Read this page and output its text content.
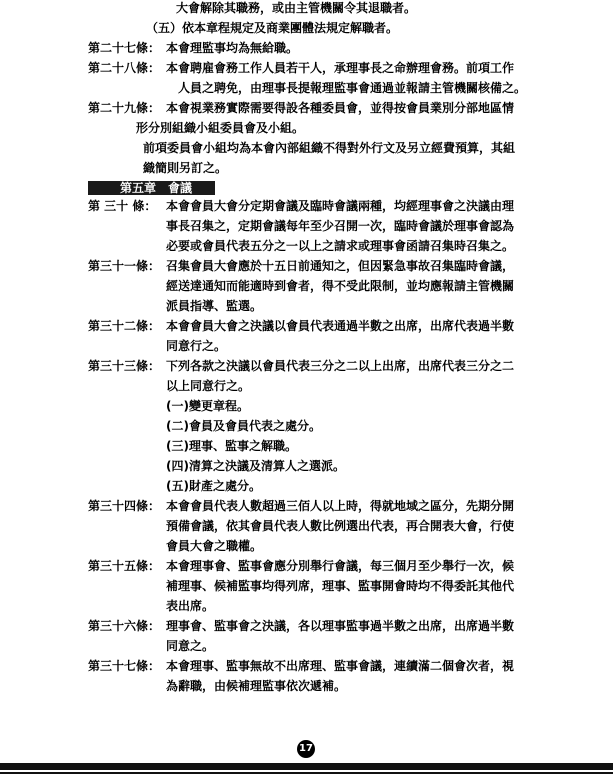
大會解除其職務，或由主管機關令其退職者。
（五）依本章程規定及商業團體法規定解職者。
第二十七條： 本會理監事均為無給職。
第二十八條： 本會聘雇會務工作人員若干人，承理事長之命辦理會務。前項工作
人員之聘免，由理事長提報理監事會通過並報請主管機關核備之。
第二十九條： 本會視業務實際需要得設各種委員會，並得按會員業別分部地區情
形分別組織小組委員會及小組。
前項委員會小組均為本會內部組織不得對外行文及另立經費預算，其組
織簡則另訂之。
第五章　會議
第 三十 條： 本會會員大會分定期會議及臨時會議兩種，均經理事會之決議由理
事長召集之，定期會議每年至少召開一次，臨時會議於理事會認為
必要或會員代表五分之一以上之請求或理事會函請召集時召集之。
第三十一條： 召集會員大會應於十五日前通知之，但因緊急事故召集臨時會議，
經送達通知而能適時到會者，得不受此限制，並均應報請主管機關
派員指導、監選。
第三十二條： 本會會員大會之決議以會員代表通過半數之出席，出席代表過半數
同意行之。
第三十三條： 下列各款之決議以會員代表三分之二以上出席，出席代表三分之二
以上同意行之。
(一)變更章程。
(二)會員及會員代表之處分。
(三)理事、監事之解職。
(四)清算之決議及清算人之選派。
(五)財產之處分。
第三十四條： 本會會員代表人數超過三佰人以上時，得就地域之區分，先期分開
預備會議，依其會員代表人數比例選出代表，再合開表大會，行使
會員大會之職權。
第三十五條： 本會理事會、監事會應分別舉行會議，每三個月至少舉行一次，候
補理事、候補監事均得列席，理事、監事開會時均不得委託其他代
表出席。
第三十六條： 理事會、監事會之決議，各以理事監事過半數之出席，出席過半數
同意之。
第三十七條： 本會理事、監事無故不出席理、監事會議，連續滿二個會次者，視
為辭職，由候補理監事依次遞補。
17
